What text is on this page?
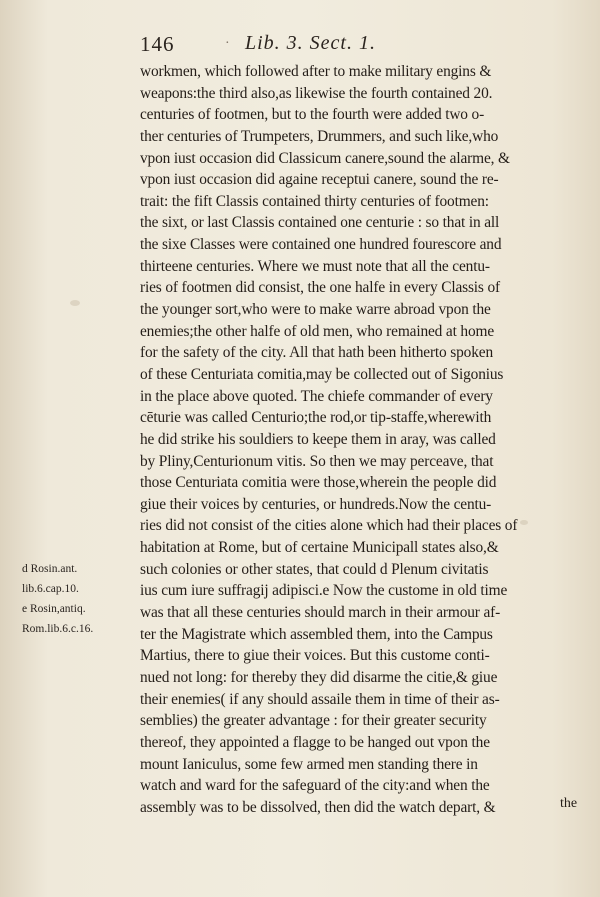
146	· Lib. 3. Sect. 1.
workmen, which followed after to make military engins &
weapons:the third also,as likewise the fourth contained 20.
centuries of footmen, but to the fourth were added two o-
ther centuries of Trumpeters, Drummers, and such like,who
vpon iust occasion did Classicum canere,sound the alarme, &
vpon iust occasion did againe receptui canere, sound the re-
trait: the fift Classis contained thirty centuries of footmen:
the sixt, or last Classis contained one centurie : so that in all
the sixe Classes were contained one hundred fourescore and
thirteene centuries. Where we must note that all the centu-
ries of footmen did consist, the one halfe in every Classis of
the younger sort,who were to make warre abroad vpon the
enemies;the other halfe of old men, who remained at home
for the safety of the city. All that hath been hitherto spoken
of these Centuriata comitia,may be collected out of Sigonius
in the place above quoted. The chiefe commander of every
cēturie was called Centurio;the rod,or tip-staffe,wherewith
he did strike his souldiers to keepe them in aray, was called
by Pliny,Centurionum vitis. So then we may perceave, that
those Centuriata comitia were those,wherein the people did
giue their voices by centuries, or hundreds.Now the centu-
ries did not consist of the cities alone which had their places of
habitation at Rome, but of certaine Municipall states also,&
such colonies or other states, that could d Plenum civitatis
ius cum iure suffragij adipisci.e Now the custome in old time
was that all these centuries should march in their armour af-
ter the Magistrate which assembled them, into the Campus
Martius, there to giue their voices. But this custome conti-
nued not long: for thereby they did disarme the citie,& giue
their enemies( if any should assaile them in time of their as-
semblies) the greater advantage : for their greater security
thereof, they appointed a flagge to be hanged out vpon the
mount Ianiculus, some few armed men standing there in
watch and ward for the safeguard of the city:and when the
assembly was to be dissolved, then did the watch depart, &
d Rosin.ant.
lib.6.cap.10.
e Rosin,antiq.
Rom.lib.6.c.16.
the
